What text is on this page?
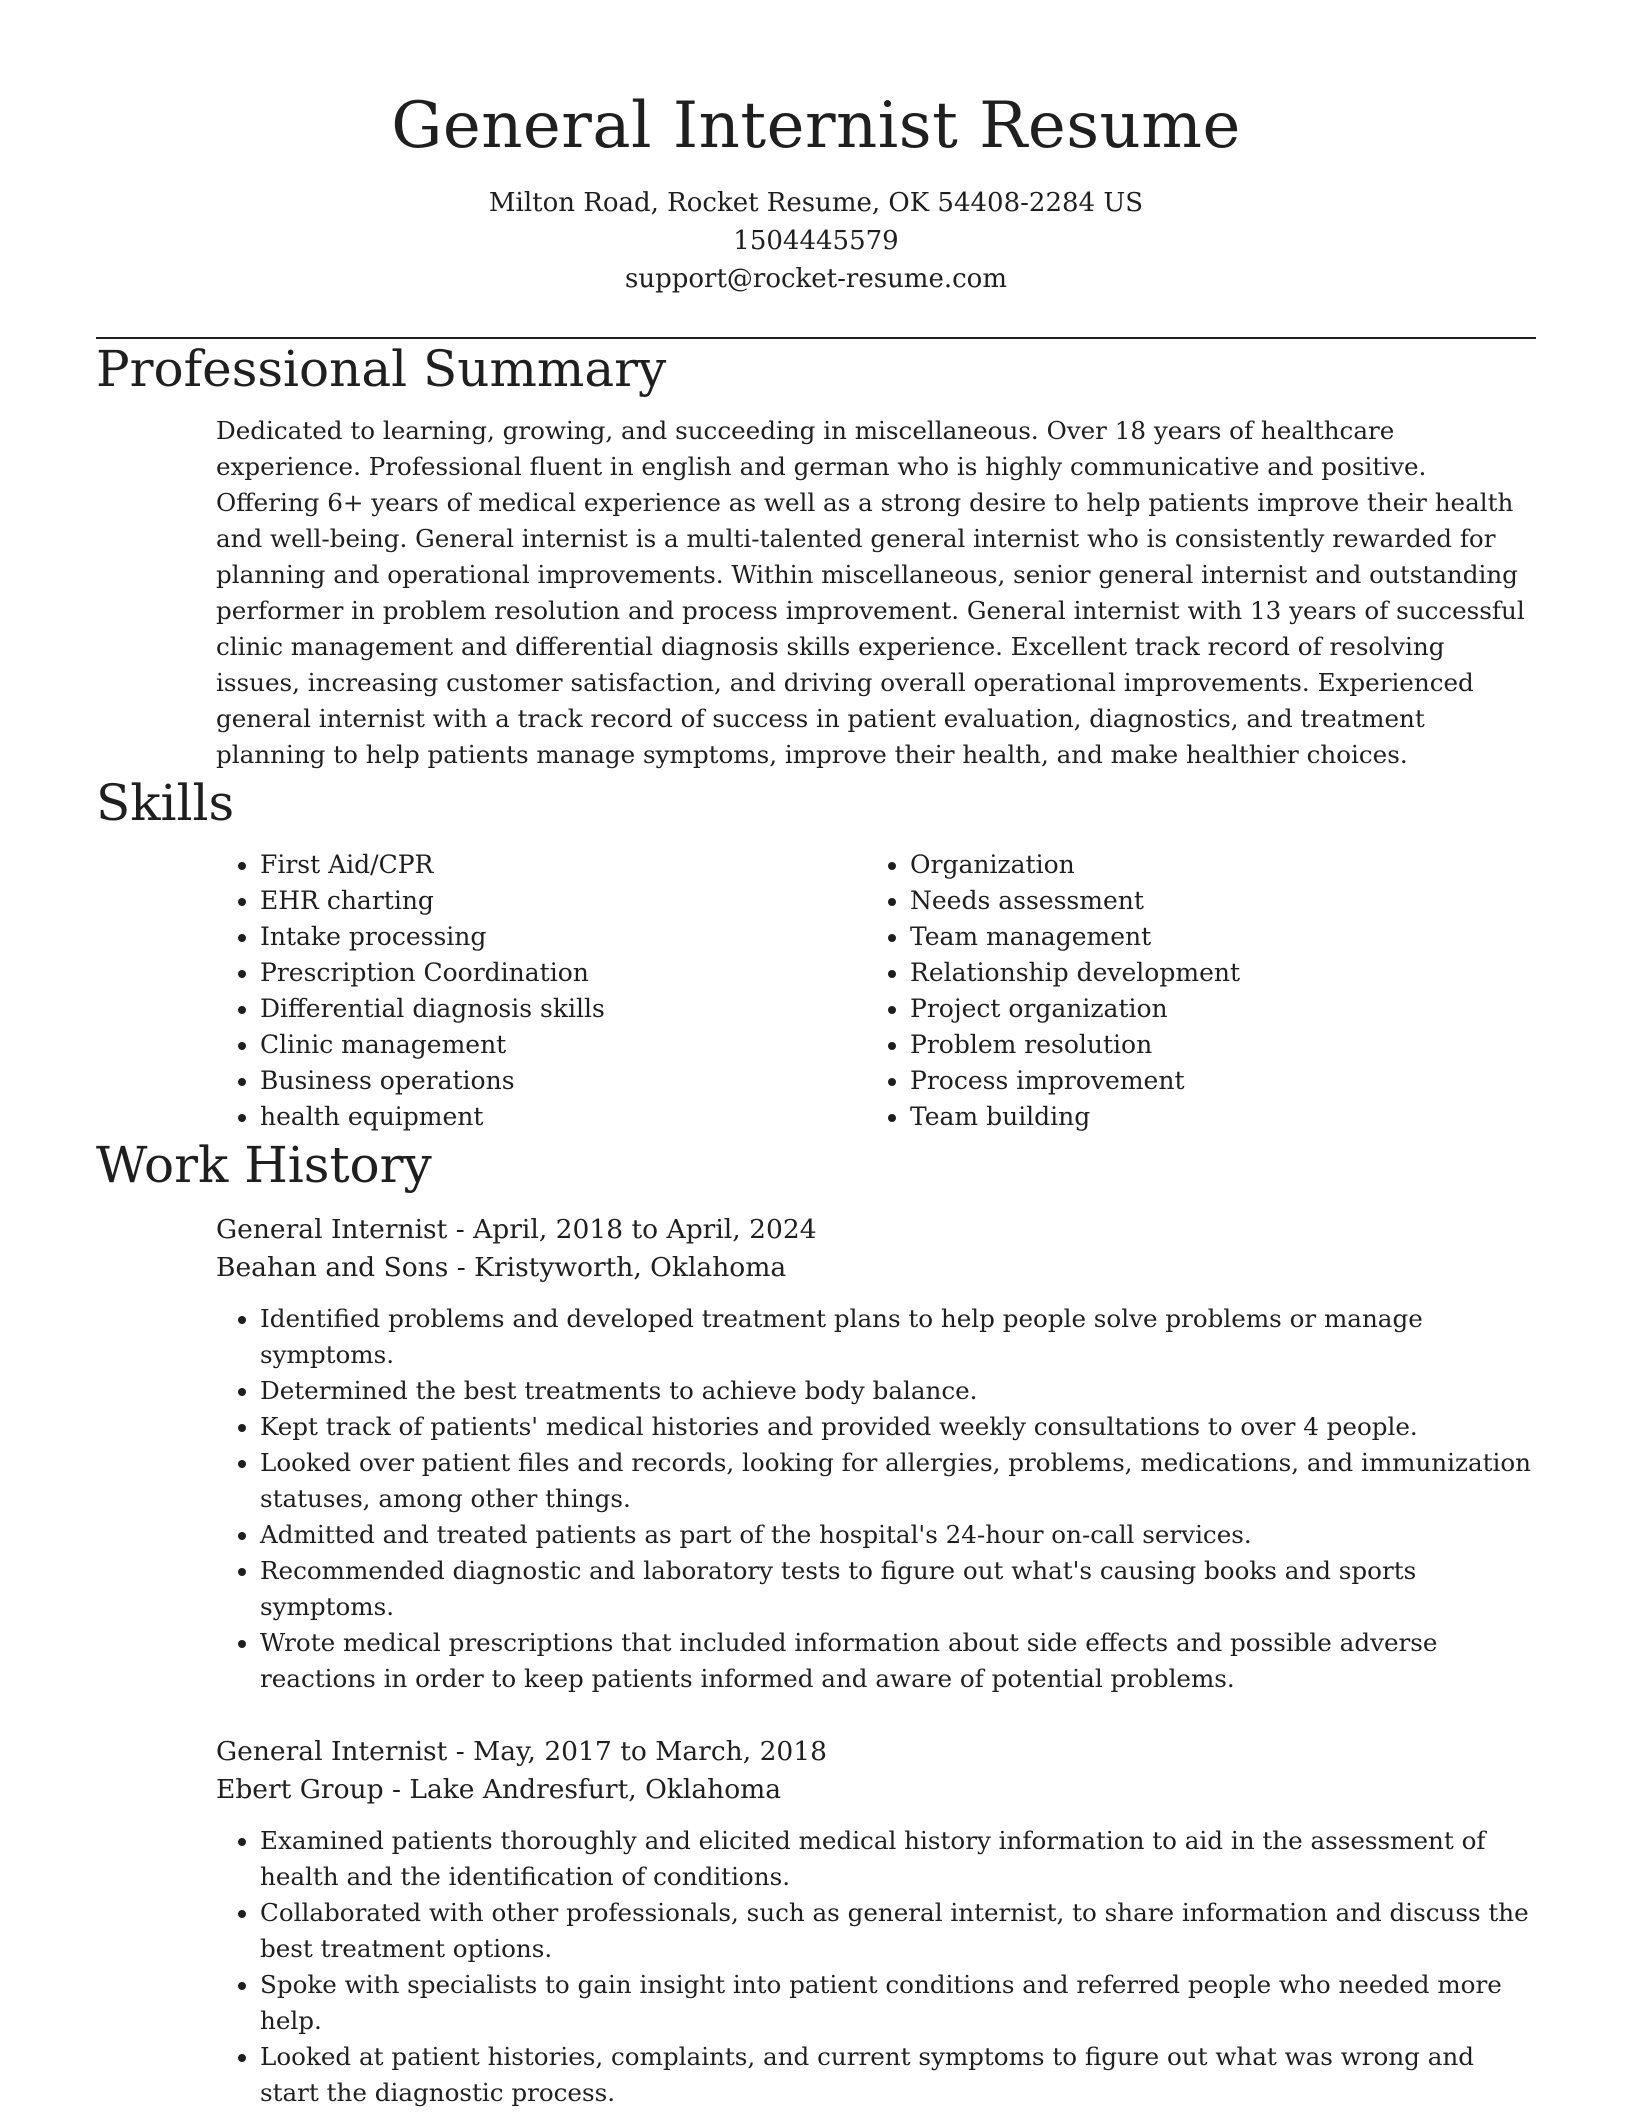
General Internist Resume
Milton Road, Rocket Resume, OK 54408-2284 US
1504445579
support@rocket-resume.com
Professional Summary

Dedicated to learning, growing, and succeeding in miscellaneous. Over 18 years of healthcare experience. Professional fluent in english and german who is highly communicative and positive. Offering 6+ years of medical experience as well as a strong desire to help patients improve their health and well-being. General internist is a multi-talented general internist who is consistently rewarded for planning and operational improvements. Within miscellaneous, senior general internist and outstanding performer in problem resolution and process improvement. General internist with 13 years of successful clinic management and differential diagnosis skills experience. Excellent track record of resolving issues, increasing customer satisfaction, and driving overall operational improvements. Experienced general internist with a track record of success in patient evaluation, diagnostics, and treatment planning to help patients manage symptoms, improve their health, and make healthier choices.

Skills
• First Aid/CPR
• EHR charting
• Intake processing
• Prescription Coordination
• Differential diagnosis skills
• Clinic management
• Business operations
• health equipment
• Organization
• Needs assessment
• Team management
• Relationship development
• Project organization
• Problem resolution
• Process improvement
• Team building
Work History
General Internist - April, 2018 to April, 2024
Beahan and Sons - Kristyworth, Oklahoma
• Identified problems and developed treatment plans to help people solve problems or manage symptoms.
• Determined the best treatments to achieve body balance.
• Kept track of patients' medical histories and provided weekly consultations to over 4 people.
• Looked over patient files and records, looking for allergies, problems, medications, and immunization statuses, among other things.
• Admitted and treated patients as part of the hospital's 24-hour on-call services.
• Recommended diagnostic and laboratory tests to figure out what's causing books and sports symptoms.
• Wrote medical prescriptions that included information about side effects and possible adverse reactions in order to keep patients informed and aware of potential problems.
General Internist - May, 2017 to March, 2018
Ebert Group - Lake Andresfurt, Oklahoma
• Examined patients thoroughly and elicited medical history information to aid in the assessment of health and the identification of conditions.
• Collaborated with other professionals, such as general internist, to share information and discuss the best treatment options.
• Spoke with specialists to gain insight into patient conditions and referred people who needed more help.
• Looked at patient histories, complaints, and current symptoms to figure out what was wrong and start the diagnostic process.
